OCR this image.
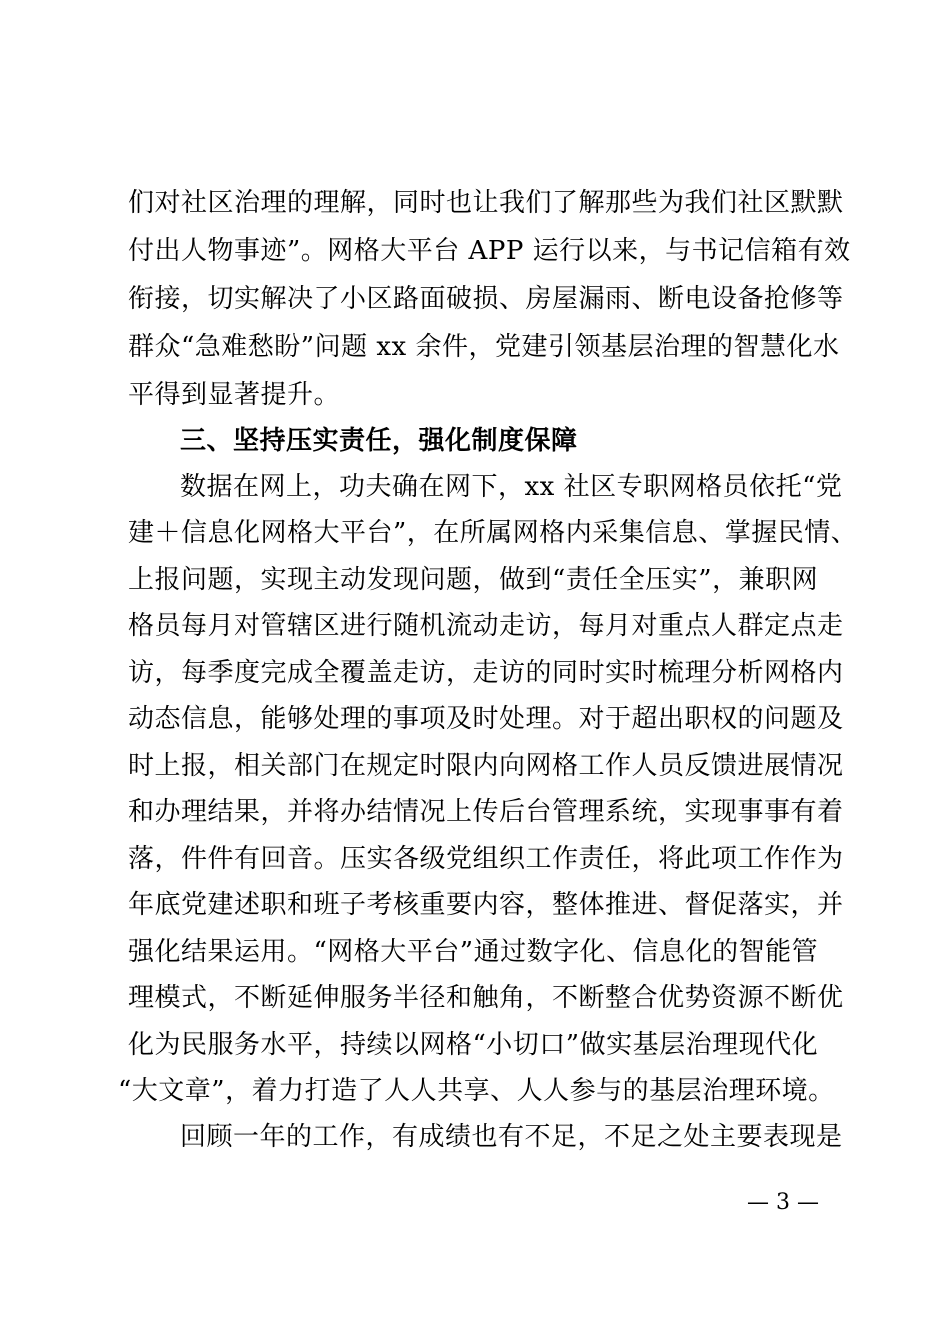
们对社区治理的理解，同时也让我们了解那些为我们社区默默
付出人物事迹”。网格大平台 APP 运行以来，与书记信箱有效
衔接，切实解决了小区路面破损、房屋漏雨、断电设备抢修等
群众“急难愁盼”问题 xx 余件，党建引领基层治理的智慧化水
平得到显著提升。
三、坚持压实责任，强化制度保障
数据在网上，功夫确在网下，xx 社区专职网格员依托“党
建＋信息化网格大平台”，在所属网格内采集信息、掌握民情、
上报问题，实现主动发现问题，做到“责任全压实”，兼职网
格员每月对管辖区进行随机流动走访，每月对重点人群定点走
访，每季度完成全覆盖走访，走访的同时实时梳理分析网格内
动态信息，能够处理的事项及时处理。对于超出职权的问题及
时上报，相关部门在规定时限内向网格工作人员反馈进展情况
和办理结果，并将办结情况上传后台管理系统，实现事事有着
落，件件有回音。压实各级党组织工作责任，将此项工作作为
年底党建述职和班子考核重要内容，整体推进、督促落实，并
强化结果运用。“网格大平台”通过数字化、信息化的智能管
理模式，不断延伸服务半径和触角，不断整合优势资源不断优
化为民服务水平，持续以网格“小切口”做实基层治理现代化
“大文章”，着力打造了人人共享、人人参与的基层治理环境。
回顾一年的工作，有成绩也有不足，不足之处主要表现是
— 3 —
